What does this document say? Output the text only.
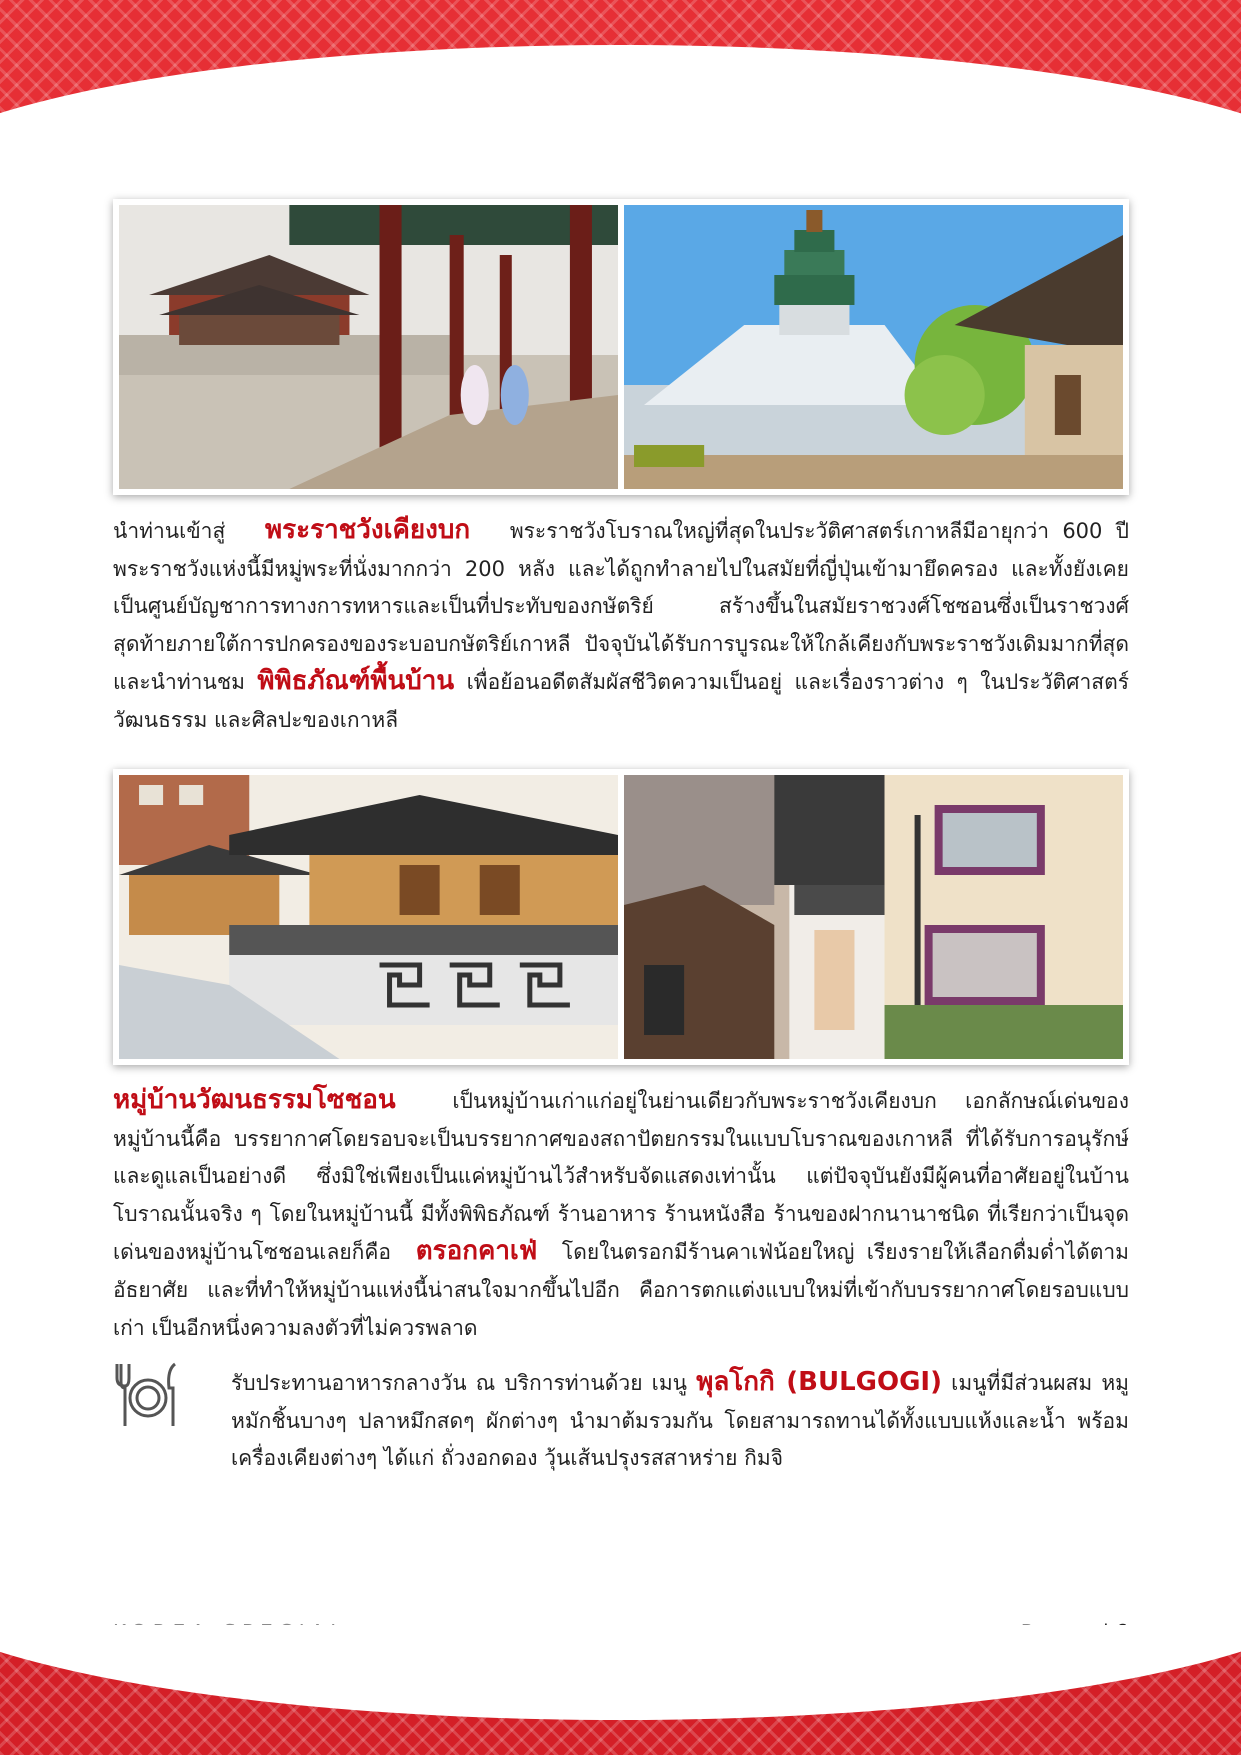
นำท่านเข้าสู่ พระราชวังเคียงบก พระราชวังโบราณใหญ่ที่สุดในประวัติศาสตร์เกาหลีมีอายุกว่า 600 ปี พระราชวังแห่งนี้มีหมู่พระที่นั่งมากกว่า 200 หลัง และได้ถูกทำลายไปในสมัยที่ญี่ปุ่นเข้ามายึดครอง และทั้งยังเคยเป็นศูนย์บัญชาการทางการทหารและเป็นที่ประทับของกษัตริย์ สร้างขึ้นในสมัยราชวงศ์โชซอนซึ่งเป็นราชวงศ์สุดท้ายภายใต้การปกครองของระบอบกษัตริย์เกาหลี ปัจจุบันได้รับการบูรณะให้ใกล้เคียงกับพระราชวังเดิมมากที่สุด และนำท่านชม พิพิธภัณฑ์พื้นบ้าน เพื่อย้อนอดีตสัมผัสชีวิตความเป็นอยู่ และเรื่องราวต่าง ๆ ในประวัติศาสตร์ วัฒนธรรม และศิลปะของเกาหลี

หมู่บ้านวัฒนธรรมโซชอน	เป็นหมู่บ้านเก่าแก่อยู่ในย่านเดียวกับพระราชวังเคียงบก เอกลักษณ์เด่นของหมู่บ้านนี้คือ บรรยากาศโดยรอบจะเป็นบรรยากาศของสถาปัตยกรรมในแบบโบราณของเกาหลี ที่ได้รับการอนุรักษ์และดูแลเป็นอย่างดี ซึ่งมิใช่เพียงเป็นแค่หมู่บ้านไว้สำหรับจัดแสดงเท่านั้น แต่ปัจจุบันยังมีผู้คนที่อาศัยอยู่ในบ้านโบราณนั้นจริง ๆ โดยในหมู่บ้านนี้ มีทั้งพิพิธภัณฑ์ ร้านอาหาร ร้านหนังสือ ร้านของฝากนานาชนิด ที่เรียกว่าเป็นจุดเด่นของหมู่บ้านโซชอนเลยก็คือ ตรอกคาเฟ่ โดยในตรอกมีร้านคาเฟ่น้อยใหญ่ เรียงรายให้เลือกดื่มด่ำได้ตามอัธยาศัย และที่ทำให้หมู่บ้านแห่งนี้น่าสนใจมากขึ้นไปอีก คือการตกแต่งแบบใหม่ที่เข้ากับบรรยากาศโดยรอบแบบเก่า เป็นอีกหนึ่งความลงตัวที่ไม่ควรพลาด

รับประทานอาหารกลางวัน ณ บริการท่านด้วย เมนู พุลโกกิ (BULGOGI) เมนูที่มีส่วนผสม หมูหมักชิ้นบางๆ ปลาหมึกสดๆ ผักต่างๆ นำมาต้มรวมกัน โดยสามารถทานได้ทั้งแบบแห้งและน้ำ พร้อมเครื่องเคียงต่างๆ ได้แก่ ถั่วงอกดอง วุ้นเส้นปรุงรสสาหร่าย กิมจิ
